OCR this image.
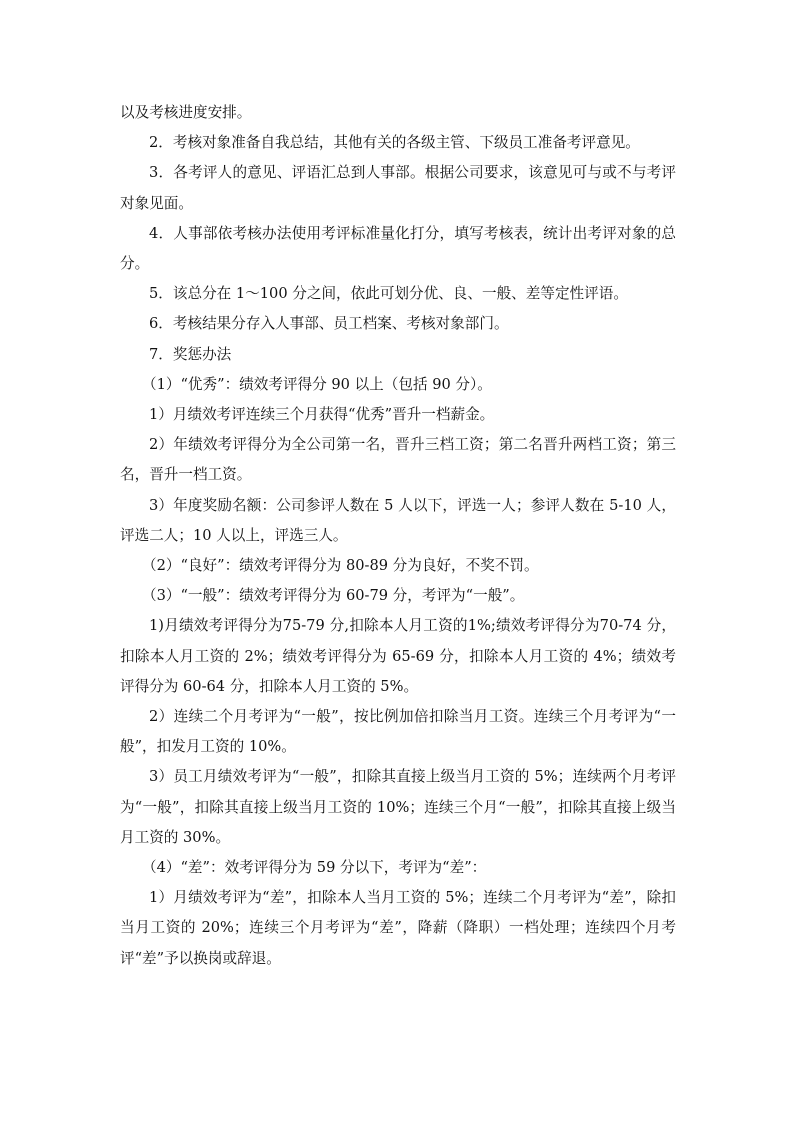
以及考核进度安排。

2．考核对象准备自我总结，其他有关的各级主管、下级员工准备考评意见。

3．各考评人的意见、评语汇总到人事部。根据公司要求，该意见可与或不与考评对象见面。

4．人事部依考核办法使用考评标准量化打分，填写考核表，统计出考评对象的总分。

5．该总分在 1～100 分之间，依此可划分优、良、一般、差等定性评语。

6．考核结果分存入人事部、员工档案、考核对象部门。

7．奖惩办法

（1）“优秀”：绩效考评得分 90 以上（包括 90 分）。

1）月绩效考评连续三个月获得“优秀”晋升一档薪金。

2）年绩效考评得分为全公司第一名，晋升三档工资；第二名晋升两档工资；第三名，晋升一档工资。

3）年度奖励名额：公司参评人数在 5 人以下，评选一人；参评人数在 5-10 人，评选二人；10 人以上，评选三人。

（2）“良好”：绩效考评得分为 80-89 分为良好，不奖不罚。

（3）“一般”：绩效考评得分为 60-79 分，考评为“一般”。

1)月绩效考评得分为75-79 分,扣除本人月工资的1%;绩效考评得分为70-74 分，扣除本人月工资的 2%；绩效考评得分为 65-69 分，扣除本人月工资的 4%；绩效考评得分为 60-64 分，扣除本人月工资的 5%。

2）连续二个月考评为“一般”，按比例加倍扣除当月工资。连续三个月考评为“一般”，扣发月工资的 10%。

3）员工月绩效考评为“一般”，扣除其直接上级当月工资的 5%；连续两个月考评为“一般”，扣除其直接上级当月工资的 10%；连续三个月“一般”，扣除其直接上级当月工资的 30%。

（4）“差”：效考评得分为 59 分以下，考评为“差”：

1）月绩效考评为“差”，扣除本人当月工资的 5%；连续二个月考评为“差”，除扣当月工资的 20%；连续三个月考评为“差”，降薪（降职）一档处理；连续四个月考评“差”予以换岗或辞退。
